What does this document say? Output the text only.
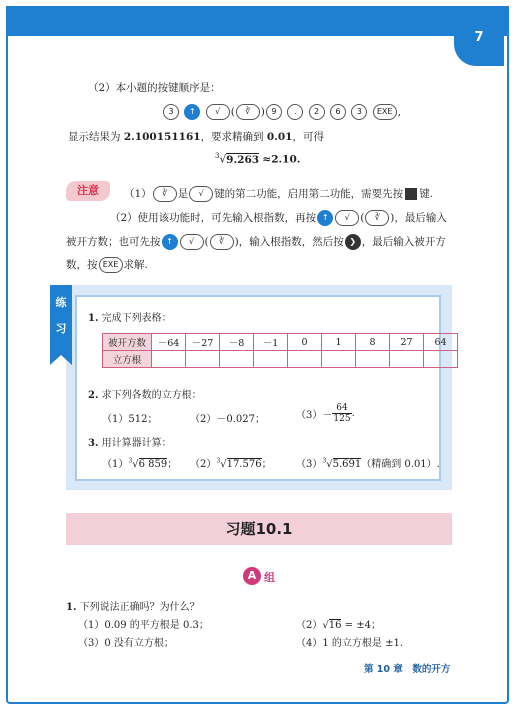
7
（2）本小题的按键顺序是：
3 ↑ √ ( ∛ ) 9 . 2 6 3 EXE ,
显示结果为 2.100151161，要求精确到 0.01，可得
$^3$√9.263 ≈2.10.
注意	（1） ∛ 是 √ 键的第二功能，启用第二功能，需要先按 键.
（2）使用该功能时，可先输入根指数，再按 ↑ √ ( ∛ )，最后输入
被开方数；也可先按 ↑ √ ( ∛ )，输入根指数，然后按 ❯ ，最后输入被开方
数，按 EXE 求解.
练
习
1. 完成下列表格：
被开方数	－64	－27	－8	－1	0	1	8	27	64
立方根									
2. 求下列各数的立方根：
（1）512；	（2）－0.027；	$(3)- \frac{64}{125}$ .
3. 用计算器计算：
$(1)^3√6$ 859； $(2)^3√17.576$； $(3)^3√5.691$（精确到 0.01）.
习题10.1
A 组
1. 下列说法正确吗？为什么？
（1）0.09 的平方根是 0.3；	（2）√16 = ±4；
（3）0 没有立方根；	（4）1 的立方根是 ±1.
第 10 章　数的开方
